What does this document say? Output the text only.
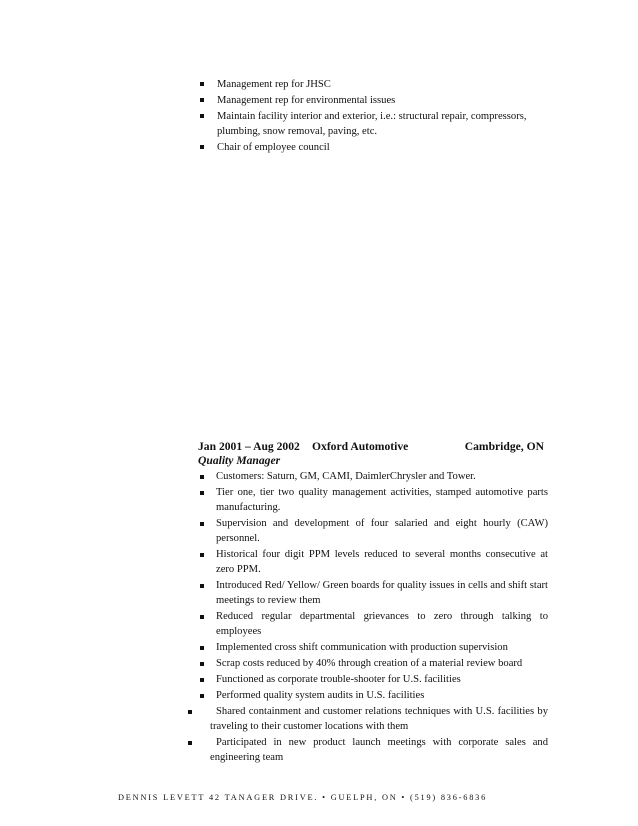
Management rep for JHSC
Management rep for environmental issues
Maintain facility interior and exterior, i.e.: structural repair, compressors, plumbing, snow removal, paving, etc.
Chair of employee council
Jan 2001 – Aug 2002 Oxford Automotive	Cambridge, ON
Quality Manager
Customers: Saturn, GM, CAMI, DaimlerChrysler and Tower.
Tier one, tier two quality management activities, stamped automotive parts manufacturing.
Supervision and development of four salaried and eight hourly (CAW) personnel.
Historical four digit PPM levels reduced to several months consecutive at zero PPM.
Introduced Red/ Yellow/ Green boards for quality issues in cells and shift start meetings to review them
Reduced regular departmental grievances to zero through talking to employees
Implemented cross shift communication with production supervision
Scrap costs reduced by 40% through creation of a material review board
Functioned as corporate trouble-shooter for U.S. facilities
Performed quality system audits in U.S. facilities
Shared containment and customer relations techniques with U.S. facilities by traveling to their customer locations with them
Participated in new product launch meetings with corporate sales and engineering team
DENNIS LEVETT 42 TANAGER DRIVE. • GUELPH, ON • (519) 836-6836
